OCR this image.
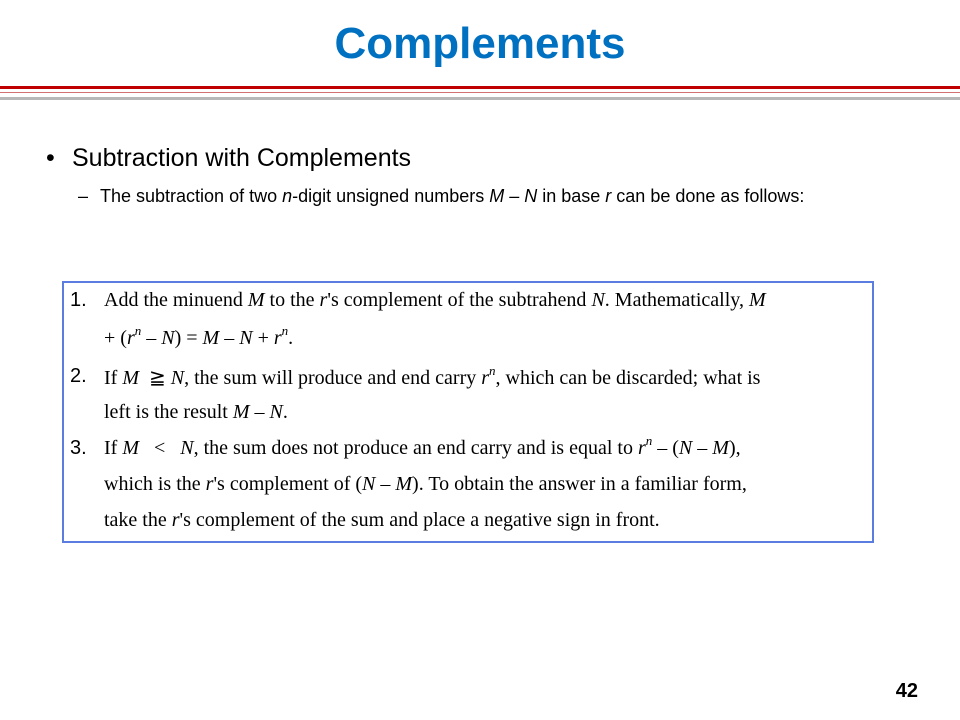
Complements
• Subtraction with Complements
– The subtraction of two n-digit unsigned numbers M – N in base r can be done as follows:
1. Add the minuend M to the r's complement of the subtrahend N. Mathematically, M
+ $(r^n - N) = M - N + r^n$.
2. If M  ≧ N, the sum will produce and end carry $r^n$, which can be discarded; what is
left is the result M – N.
3. If M   <   N, the sum does not produce an end carry and is equal to $r^n - (N - M)$,
which is the r's complement of (N – M). To obtain the answer in a familiar form,
take the r's complement of the sum and place a negative sign in front.
42
